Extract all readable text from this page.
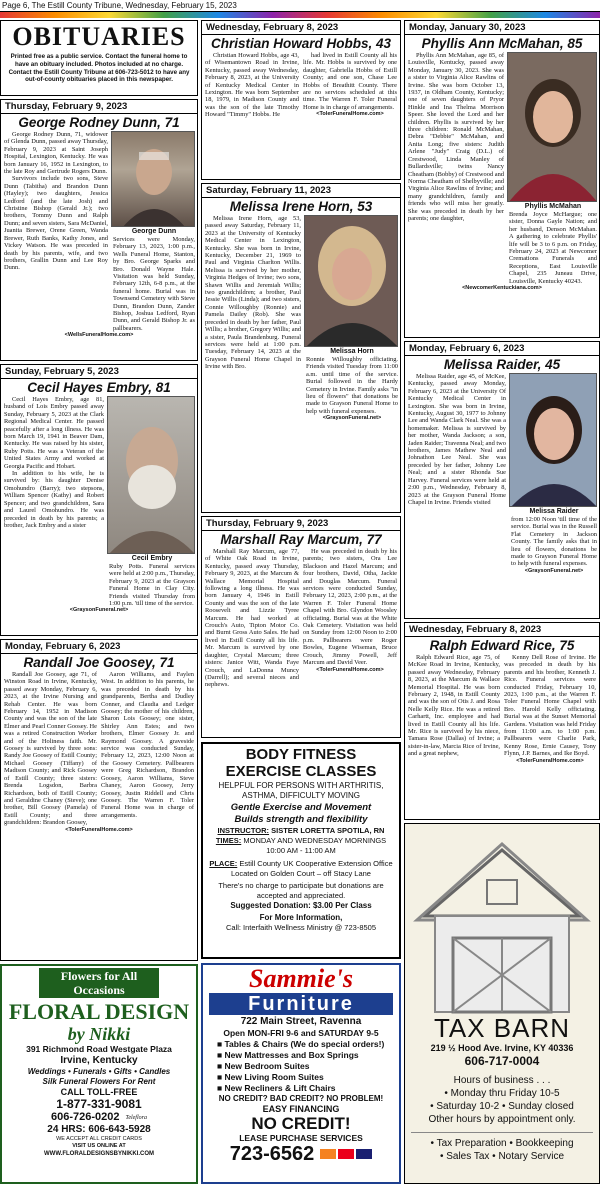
Page 6, The Estill County Tribune, Wednesday, February 15, 2023
OBITUARIES
Printed free as a public service. Contact the funeral home to have an obituary included. Photos included at no charge. Contact the Estill County Tribune at 606-723-5012 to have any out-of-county obituaries placed in this newspaper.
Thursday, February 9, 2023
George Rodney Dunn, 71

George Rodney Dunn, 71, widower of Glenda Dunn, passed away Thursday, February 9, 2023 at Saint Joseph Hospital, Lexington, Kentucky. He was born January 16, 1952 in Lexington, to the late Roy and Gertrude Rogers Dunn.

Survivors include two sons, Steve Dunn (Tabitha) and Brandon Dunn (Hayley); two daughters, Jessica Ledford (and the late Josh) and Christine Bishop (Gerald Jr.); two brothers, Tommy Dunn and Ralph Dunn; and seven sisters, Sara McDaniel, Juanita Brewer, Orene Green, Wanda Brewer, Ruth Banks, Kathy Jones, and Vickey Watson. He was preceded in death by his parents, wife, and two brothers, Grallin Dunn and Lee Roy Dunn.

George Dunn
Services were Monday, February 13, 2023, 1:00 p.m., Wells Funeral Home, Stanton, by Bro. George Sparks and Bro. Donald Wayne Hale. Visitation was held Sunday, February 12th, 6-8 p.m., at the funeral home. Burial was in Townsend Cemetery with Steve Dunn, Brandon Dunn, Zander Bishop, Joshua Ledford, Ryan Dunn, and Gerald Bishop Jr. as pallbearers.
<WellsFuneralHome.com>
Sunday, February 5, 2023
Cecil Hayes Embry, 81

Cecil Hayes Embry, age 81, husband of Lois Embry passed away Sunday, February 5, 2023 at the Clark Regional Medical Center. He passed peacefully after a long illness. He was born March 19, 1941 in Beaver Dam, Kentucky. He was raised by his sister, Ruby Potts. He was a Veteran of the United States Army and worked at Georgia Pacific and Hobart.

In addition to his wife, he is survived by: his daughter Denise Omohundro (Barry); two stepsons, William Spencer (Kathy) and Robert Spencer; and two grandchildren, Sara and Laurel Omohundro. He was preceded in death by his parents; a brother, Jack Embry and a sister

Cecil Embry
Ruby Potts. Funeral services were held at 2:00 p.m., Thursday, February 9, 2023 at the Grayson Funeral Home in Clay City. Friends visited Thursday from 1:00 p.m. 'till time of the service.
<GraysonFuneral.net>
Monday, February 6, 2023
Randall Joe Goosey, 71

Randall Joe Goosey, age 71, of Winston Road in Irvine, Kentucky, passed away Monday, February 6, 2023, at the Irvine Nursing and Rehab Center. He was born February 14, 1952 in Madison County and was the son of the late Elmer and Pearl Conner Goosey. He was a retired Construction Worker and of the Holiness faith. Mr. Goosey is survived by three sons: Randy Joe Goosey of Estill County; Michael Goosey (Tiffany) of Madison County; and Rick Goosey of Estill County; three sisters: Brenda Logsdon, Barbra Richardson, both of Estill County; and Geraldine Chaney (Steve); one brother, Bill Goosey (Pamela) of Estill County; and three grandchildren: Brandon Goosey,

Aaron Williams, and Faylen West. In addition to his parents, he was preceded in death by his grandparents, Bertha and Dudley Conner, and Claudia and Ledger Goosey; the mother of his children, Sharon Lois Goosey; one sister, Shirley Ann Estes; and two brothers, Elmer Goosey Jr. and Raymond Goosey. A graveside service was conducted Sunday, February 12, 2023, 12:00 Noon at the Goosey Cemetery. Pallbearers were Greg Richardson, Brandon Goosey, Aaron Williams, Steve Chaney, Aaron Goosey, Jerry Goosey, Justin Riddell and Chris Goosey. The Warren F. Toler Funeral Home was in charge of arrangements.

<TolerFuneralHome.com>
Flowers for All Occasions
FLORAL DESIGN
by Nikki
391 Richmond Road Westgate Plaza
Irvine, Kentucky
Weddings • Funerals • Gifts • Candles
Silk Funeral Flowers For Rent
CALL TOLL-FREE
1-877-331-9081
606-726-0202 Teleflora
24 HRS: 606-643-5928
WE ACCEPT ALL CREDIT CARDS
VISIT US ONLINE AT
WWW.FLORALDESIGNSBYNIKKI.COM
Wednesday, February 8, 2023
Christian Howard Hobbs, 43

Christian Howard Hobbs, age 43, of Wisemantown Road in Irvine, Kentucky, passed away Wednesday, February 8, 2023, at the University of Kentucky Medical Center in Lexington. He was born September 18, 1979, in Madison County and was the son of the late Timothy Howard "Timmy" Hobbs. He

had lived in Estill County all his life. Mr. Hobbs is survived by one daughter, Gabriella Hobbs of Estill County; and one son, Chase Lee Hobbs of Breathitt County. There are no services scheduled at this time. The Warren F. Toler Funeral Home is in charge of arrangements.

<TolerFuneralHome.com>
Saturday, February 11, 2023
Melissa Irene Horn, 53

Melissa Irene Horn, age 53, passed away Saturday, February 11, 2023 at the University of Kentucky Medical Center in Lexington, Kentucky. She was born in Irvine, Kentucky, December 21, 1969 to Paul and Virginia Charlton Willis. Melissa is survived by her mother, Virginia Hedges of Irvine; two sons, Shawn Willis and Jeremiah Willis; two grandchildren; a brother, Paul Jessie Willis (Linda); and two sisters, Connie Willoughby (Ronnie) and Pamela Dailey (Rob). She was preceded in death by her father, Paul Willis; a brother, Gregory Willis; and a sister, Paula Brandenburg. Funeral services were held at 1:00 p.m. Tuesday, February 14, 2023 at the Grayson Funeral Home Chapel in Irvine with Bro.

Melissa Horn
Ronnie Willoughby officiating. Friends visited Tuesday from 11:00 a.m. until time of the service. Burial followed in the Hardy Cemetery in Irvine. Family asks "in lieu of flowers" that donations be made to Grayson Funeral Home to help with funeral expenses.
<GraysonFuneral.net>
Thursday, February 9, 2023
Marshall Ray Marcum, 77

Marshall Ray Marcum, age 77, of White Oak Road in Irvine, Kentucky, passed away Thursday, February 9, 2023, at the Marcum & Wallace Memorial Hospital following a long illness. He was born January 4, 1946 in Estill County and was the son of the late Roosevelt and Lizzie Tyree Marcum. He had worked at Crouch's Auto, Tipton Motor Co. and Burnt Gross Auto Sales. He had lived in Estill County all his life. Mr. Marcum is survived by one daughter, Crystal Marcum; three sisters: Janice Witt, Wanda Faye Crouch, and LaDonna Muncy (Darrell); and several nieces and nephews.

He was preceded in death by his parents; two sisters, Ora Lee Blackson and Hazel Marcum; and four brothers, David, Otha, Jackie and Douglas Marcum. Funeral services were conducted Sunday, February 12, 2023, 2:00 p.m., at the Warren F. Toler Funeral Home Chapel with Bro. Glyndon Woosley officiating. Burial was at the White Oak Cemetery. Visitation was held on Sunday from 12:00 Noon to 2:00 p.m. Pallbearers were Roger Bowles, Eugene Wiseman, Bruce Crouch, Jimmy Powell, Jeff Marcum and David Veer.

<TolerFuneralHome.com>
BODY FITNESS
EXERCISE CLASSES
HELPFUL FOR PERSONS WITH ARTHRITIS, ASTHMA, DIFFICULTY MOVING
Gentle Exercise and Movement
Builds strength and flexibility
INSTRUCTOR: SISTER LORETTA SPOTILA, RN
TIMES: MONDAY AND WEDNESDAY MORNINGS
10:00 AM - 11:00 AM
PLACE: Estill County UK Cooperative Extension Office Located on Golden Court – off Stacy Lane
There's no charge to participate but donations are accepted and appreciated.
Suggested Donation: $3.00 Per Class
For More Information,
Call: Interfaith Wellness Ministry @ 723-8505
Sammie's
Furniture
722 Main Street, Ravenna
Open MON-FRI 9-6 and SATURDAY 9-5
■ Tables & Chairs (We do special orders!)
■ New Mattresses and Box Springs
■ New Bedroom Suites
■ New Living Room Suites
■ New Recliners & Lift Chairs
NO CREDIT? BAD CREDIT? NO PROBLEM!
EASY FINANCING
NO CREDIT!
LEASE PURCHASE SERVICES
723-6562
Monday, January 30, 2023
Phyllis Ann McMahan, 85

Phyllis Ann McMahan, age 85, of Louisville, Kentucky, passed away Monday, January 30, 2023. She was a sister to Virginia Alice Rawlins of Irvine. She was born October 13, 1937, in Oldham County, Kentucky; one of seven daughters of Pryor Hinkle and Ina Thelma Morrison Speer. She loved the Lord and her children. Phyllis is survived by her three children: Ronald McMahan, Debra "Debbie" McMahan, and Anita Long; five sisters: Judith Arlene "Judy" Craig (D.L.) of Crestwood, Linda Manley of Bullardsville; twins Nancy Cheatham (Bobby) of Crestwood and Norma Cheatham of Shelbyville; and Virginia Alice Rawlins of Irvine; and many grandchildren, family and friends who will miss her greatly. She was preceded in death by her parents; one daughter,

Phyllis McMahan
Brenda Joyce McHargue; one sister, Donna Gayle Nation; and her husband, Denson McMahan. A gathering to celebrate Phyllis' life will be 3 to 6 p.m. on Friday, February 24, 2023 at Newcomer Cremations Funerals and Receptions, East Louisville Chapel, 235 Juneau Drive, Louisville, Kentucky 40243.
<NewcomerKentuckiana.com>
Monday, February 6, 2023
Melissa Raider, 45

Melissa Raider, age 45, of McKee, Kentucky, passed away Monday, February 6, 2023 at the University Of Kentucky Medical Center in Lexington. She was born in Irvine, Kentucky, August 30, 1977 to Johnny Lee and Wanda Clark Neal. She was a homemaker. Melissa is survived by her mother, Wanda Jackson; a son, Jaden Raider; Travenna Neal; and two brothers, James Mathew Neal and Johnathon Lee Neal. She was preceded by her father, Johnny Lee Neal; and a sister Rhonda Sue Harvey. Funeral services were held at 2:00 p.m., Wednesday, February 8, 2023 at the Grayson Funeral Home Chapel in Irvine. Friends visited

Melissa Raider
from 12:00 Noon 'till time of the service. Burial was in the Russell Flat Cemetery in Jackson County. The family asks that in lieu of flowers, donations be made to Grayson Funeral Home to help with funeral expenses.
<GraysonFuneral.net>
Wednesday, February 8, 2023
Ralph Edward Rice, 75

Ralph Edward Rice, age 75, of McKee Road in Irvine, Kentucky, passed away Wednesday, February 8, 2023, at the Marcum & Wallace Memorial Hospital. He was born February 2, 1948, in Estill County and was the son of Otis J. and Rosa Nelle Kelly Rice. He was a retired Carhartt, Inc. employee and had lived in Estill County all his life. Mr. Rice is survived by his niece, Tamara Rose (Dallas) of Irvine; a sister-in-law, Marcia Rice of Irvine, and a great nephew,

Kenny Dell Rose of Irvine. He was preceded in death by his parents and his brother, Kenneth J. Rice. Funeral services were conducted Friday, February 10, 2023, 1:00 p.m., at the Warren F. Toler Funeral Home Chapel with Bro. Harold Kelly officiating. Burial was at the Sunset Memorial Gardens. Visitation was held Friday from 11:00 a.m. to 1:00 p.m. Pallbearers were Charlie Park, Kenny Rose, Ernie Causey, Tony Flynn, J.P. Barnes, and Ike Boyd.

<TolerFuneralHome.com>
TAX BARN
219 ½ Hood Ave. Irvine, KY 40336
606-717-0004
Hours of business . . .
• Monday thru Friday 10-5
• Saturday 10-2 • Sunday closed
Other hours by appointment only.
• Tax Preparation • Bookkeeping
• Sales Tax • Notary Service
